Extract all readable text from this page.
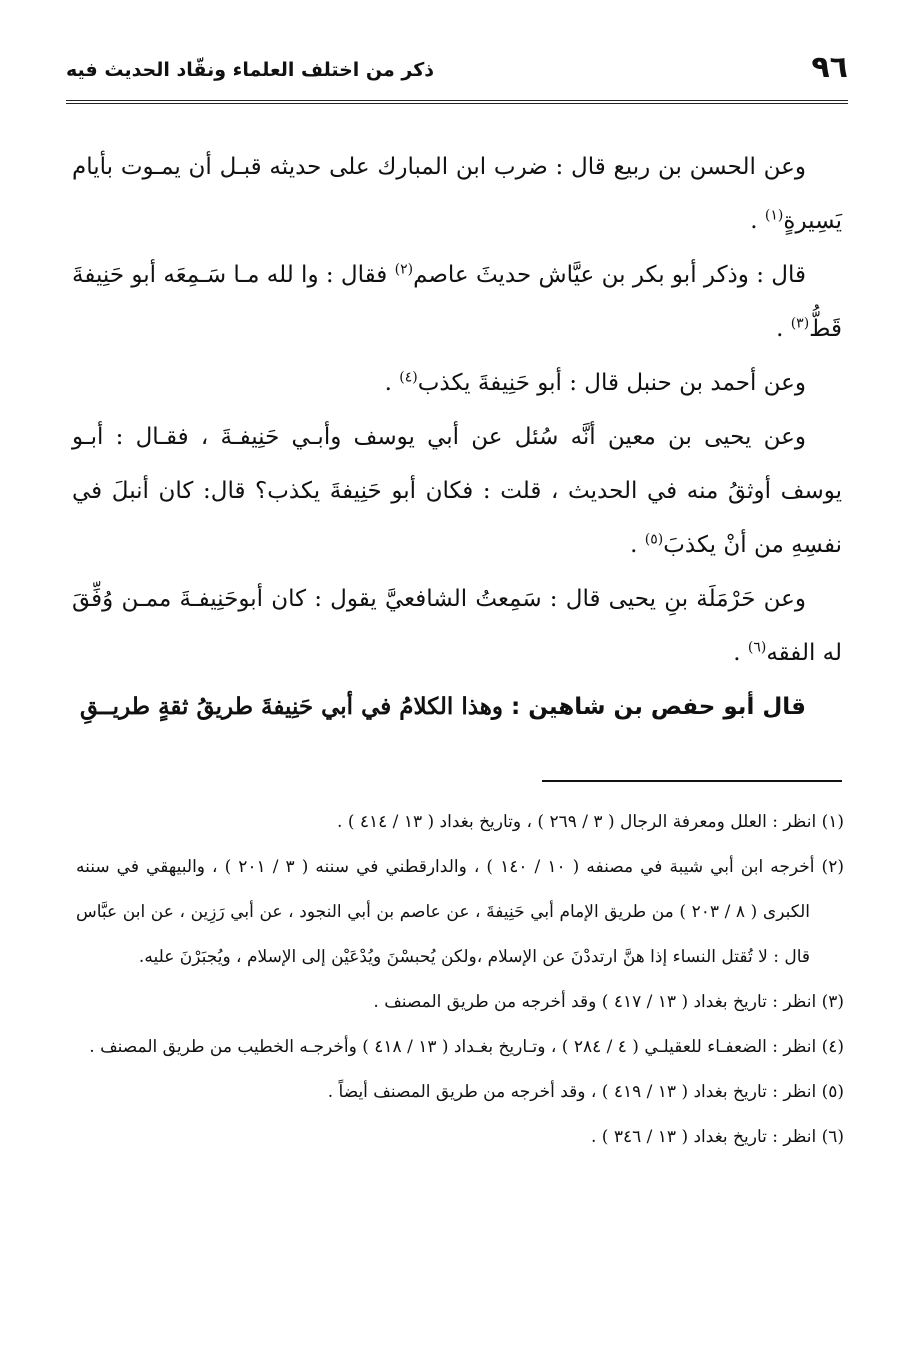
٩٦
ذكر من اختلف العلماء ونقّاد الحديث فيه

وعن الحسن بن ربيع قال : ضرب ابن المبارك على حديثه قبـل أن يمـوت بأيام يَسِيرةٍ$^{(١)}$ .

قال : وذكر أبو بكر بن عيَّاش حديثَ عاصم$^{(٢)}$ فقال : وا لله مـا سَـمِعَه أبو حَنِيفةَ قَطُّ$^{(٣)}$ .

وعن أحمد بن حنبل قال : أبو حَنِيفةَ يكذب$^{(٤)}$ .

وعن يحيى بن معين أنَّه سُئل عن أبي يوسف وأبـي حَنِيفـةَ ، فقـال : أبـو يوسف أوثقُ منه في الحديث ، قلت : فكان أبو حَنِيفةَ يكذب؟ قال: كان أنبلَ في نفسِهِ من أنْ يكذبَ$^{(٥)}$ .

وعن حَرْمَلَة بنِ يحيى قال : سَمِعتُ الشافعيَّ يقول : كان أبوحَنِيفـةَ ممـن وُفِّقَ له الفقه$^{(٦)}$ .

قال أبو حفص بن شاهين : وهذا الكلامُ في أبي حَنِيفةَ طريقُ ثقةٍ طريــقِ

(١) انظر : العلل ومعرفة الرجال ( ٣ / ٢٦٩ ) ، وتاريخ بغداد ( ١٣ / ٤١٤ ) .

(٢) أخرجه ابن أبي شيبة في مصنفه ( ١٠ / ١٤٠ ) ، والدارقطني في سننه ( ٣ / ٢٠١ ) ، والبيهقي في سننه الكبرى ( ٨ / ٢٠٣ ) من طريق الإمام أبي حَنِيفةَ ، عن عاصم بن أبي النجود ، عن أبي رَزِين ، عن ابن عبَّاس قال : لا تُقتل النساء إذا هنَّ ارتددْنَ عن الإسلام ،ولكن يُحبسْنَ ويُدْعَيْن إلى الإسلام ، ويُجبَرْنَ عليه.

(٣) انظر : تاريخ بغداد ( ١٣ / ٤١٧ ) وقد أخرجه من طريق المصنف .

(٤) انظر : الضعفـاء للعقيلـي ( ٤ / ٢٨٤ ) ، وتـاريخ بغـداد ( ١٣ / ٤١٨ ) وأخرجـه الخطيب من طريق المصنف .

(٥) انظر : تاريخ بغداد ( ١٣ / ٤١٩ ) ، وقد أخرجه من طريق المصنف أيضاً .

(٦) انظر : تاريخ بغداد ( ١٣ / ٣٤٦ ) .
